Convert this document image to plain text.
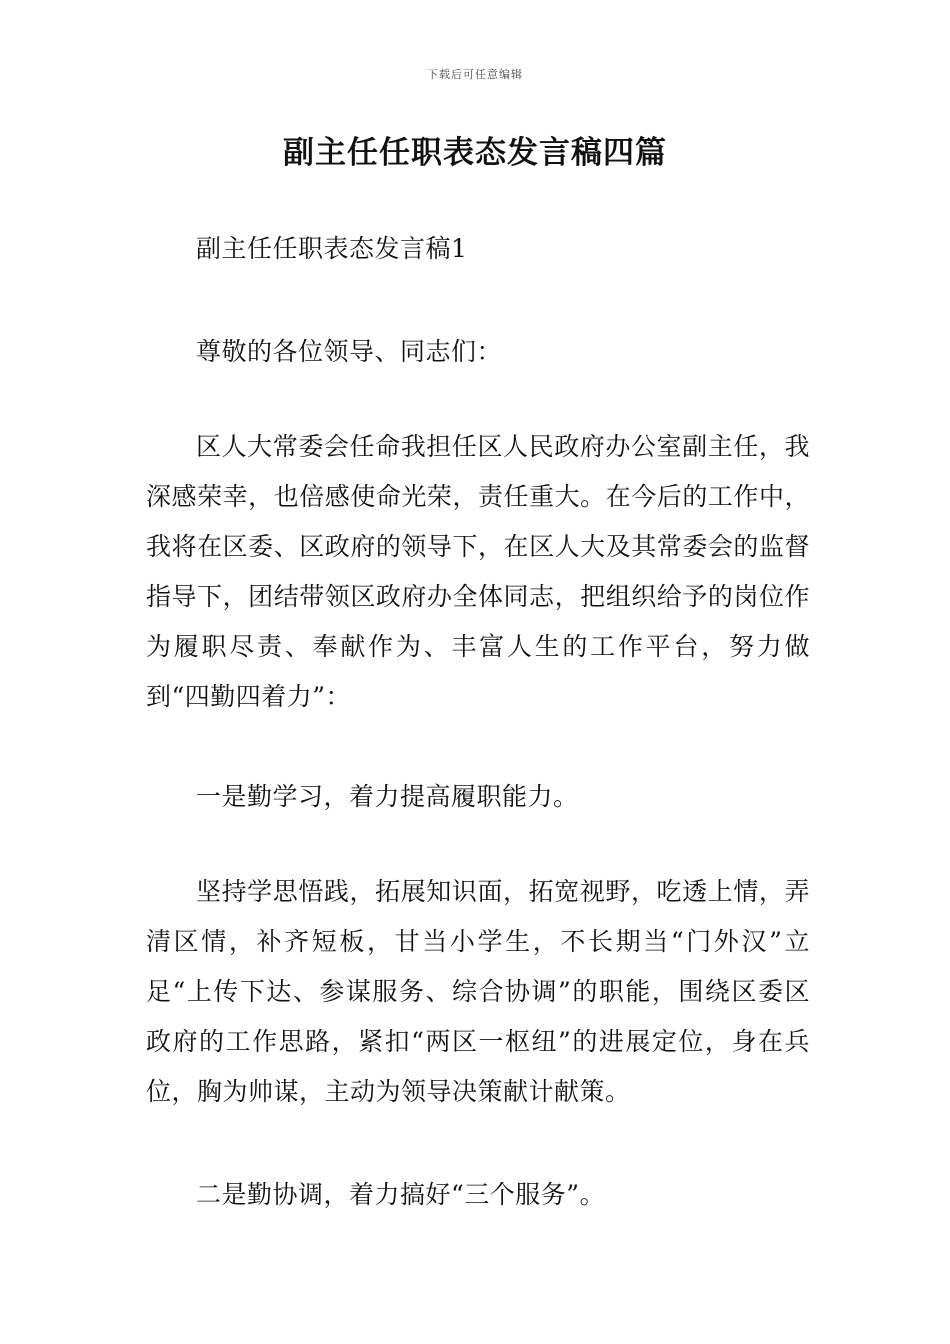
下载后可任意编辑
副主任任职表态发言稿四篇
副主任任职表态发言稿1
尊敬的各位领导、同志们：
区人大常委会任命我担任区人民政府办公室副主任，我深感荣幸，也倍感使命光荣，责任重大。在今后的工作中，我将在区委、区政府的领导下，在区人大及其常委会的监督指导下，团结带领区政府办全体同志，把组织给予的岗位作为履职尽责、奉献作为、丰富人生的工作平台，努力做到“四勤四着力”：
一是勤学习，着力提高履职能力。
坚持学思悟践，拓展知识面，拓宽视野，吃透上情，弄清区情，补齐短板，甘当小学生，不长期当“门外汉”立足“上传下达、参谋服务、综合协调”的职能，围绕区委区政府的工作思路，紧扣“两区一枢纽”的进展定位，身在兵位，胸为帅谋，主动为领导决策献计献策。
二是勤协调，着力搞好“三个服务”。
